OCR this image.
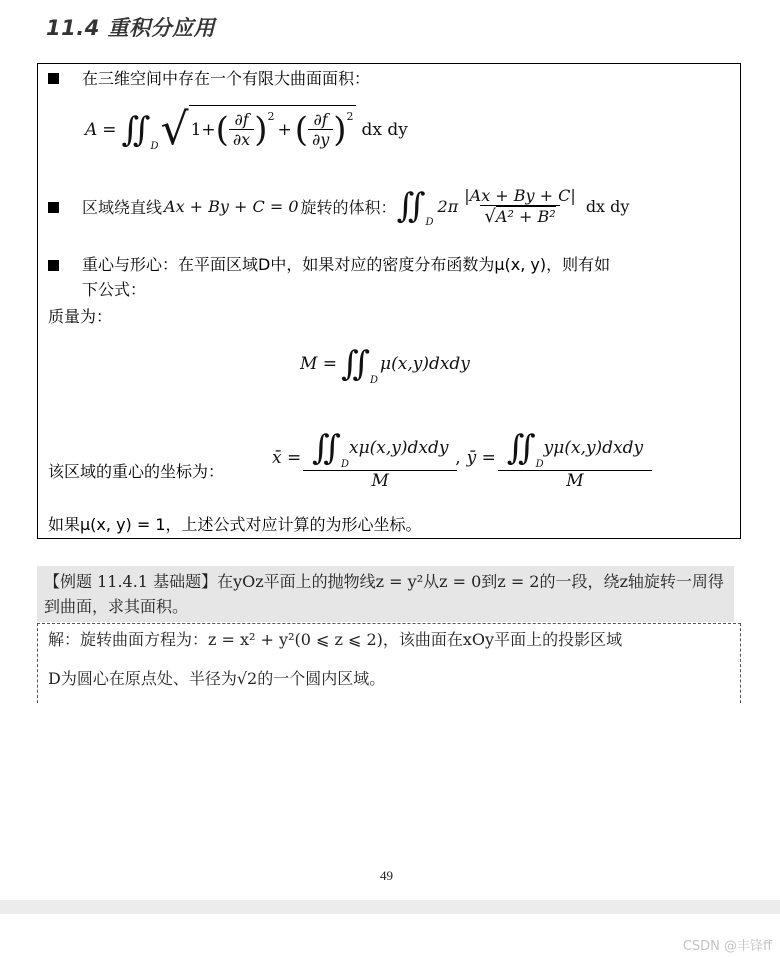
11.4 重积分应用
在三维空间中存在一个有限大曲面面积：
A = ∬ D √ 1+ ( $\frac{\partial f}{\partial x} )^2$
+ ( $\frac{\partial f}{\partial y} )^2$
dx dy
区域绕直线 Ax + By + C = 0 旋转的体积： ∬ D
$2\pi \frac{|Ax + By + C|}{\text{√ A² + B²}}$ dx dy
重心与形心：在平面区域D中，如果对应的密度分布函数为μ(x, y)，则有如
下公式：
质量为：
M = ∬ D
μ(x,y)dxdy
该区域的重心的坐标为：
x̄ = ∬ D
xμ(x,y)dxdy
M , ȳ = ∬ D
yμ(x,y)dxdy
M
如果μ(x, y) = 1，上述公式对应计算的为形心坐标。
【例题 11.4.1 基础题】在yOz平面上的抛物线z = y²从z = 0到z = 2的一段，绕z轴旋转一周得到曲面，求其面积。
解：旋转曲面方程为：z = x² + y²(0 ⩽ z ⩽ 2)，该曲面在xOy平面上的投影区域
D为圆心在原点处、半径为√2的一个圆内区域。
49
CSDN @丰锋ff
